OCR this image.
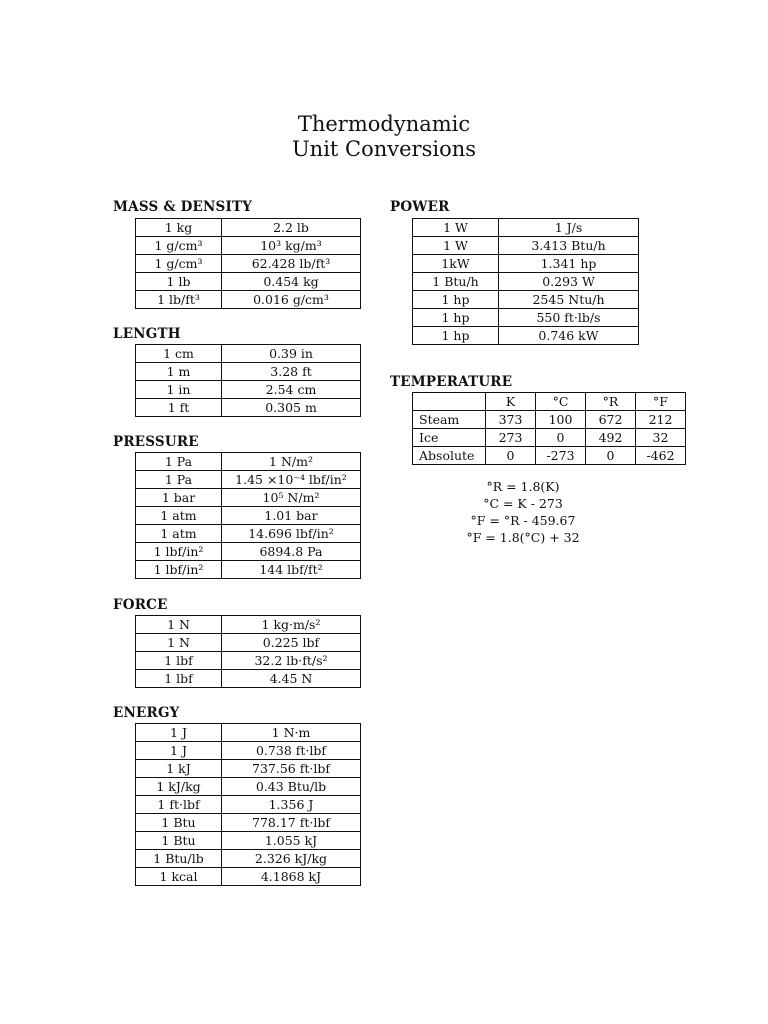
Thermodynamic
Unit Conversions
MASS & DENSITY
1 kg	2.2 lb
1 g/cm³	10³ kg/m³
1 g/cm³	62.428 lb/ft³
1 lb	0.454 kg
1 lb/ft³	0.016 g/cm³
LENGTH
1 cm	0.39 in
1 m	3.28 ft
1 in	2.54 cm
1 ft	0.305 m
PRESSURE
1 Pa	1 N/m²
1 Pa	1.45 ×10⁻⁴ lbf/in²
1 bar	10⁵ N/m²
1 atm	1.01 bar
1 atm	14.696 lbf/in²
1 lbf/in²	6894.8 Pa
1 lbf/in²	144 lbf/ft²
FORCE
1 N	1 kg·m/s²
1 N	0.225 lbf
1 lbf	32.2 lb·ft/s²
1 lbf	4.45 N
ENERGY
1 J	1 N·m
1 J	0.738 ft·lbf
1 kJ	737.56 ft·lbf
1 kJ/kg	0.43 Btu/lb
1 ft·lbf	1.356 J
1 Btu	778.17 ft·lbf
1 Btu	1.055 kJ
1 Btu/lb	2.326 kJ/kg
1 kcal	4.1868 kJ
POWER
1 W	1 J/s
1 W	3.413 Btu/h
1kW	1.341 hp
1 Btu/h	0.293 W
1 hp	2545 Ntu/h
1 hp	550 ft·lb/s
1 hp	0.746 kW
TEMPERATURE
	K	°C	°R	°F
Steam	373	100	672	212
Ice	273	0	492	32
Absolute	0	-273	0	-462
°R = 1.8(K)
°C = K - 273
°F = °R - 459.67
°F = 1.8(°C) + 32
